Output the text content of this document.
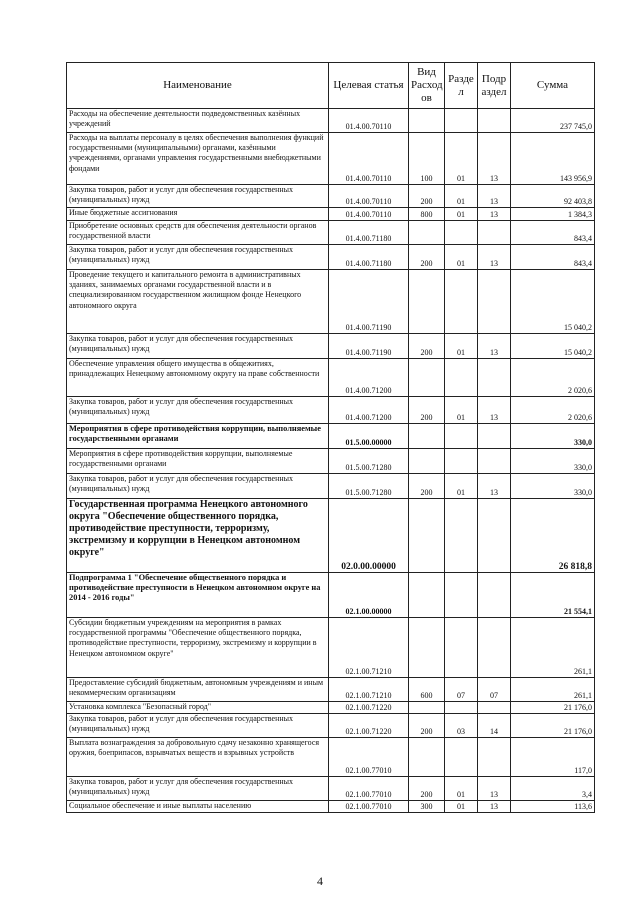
Наименование	Целевая статья	Вид Расход ов	Разде л	Подр аздел	Сумма
Расходы на обеспечение деятельности подведомственных казённых учреждений	01.4.00.70110				237 745,0
Расходы на выплаты персоналу в целях обеспечения выполнения функций государственными (муниципальными) органами, казёнными учреждениями, органами управления государственными внебюджетными фондами	01.4.00.70110	100	01	13	143 956,9
Закупка товаров, работ и услуг для обеспечения государственных (муниципальных) нужд	01.4.00.70110	200	01	13	92 403,8
Иные бюджетные ассигнования	01.4.00.70110	800	01	13	1 384,3
Приобретение основных средств для обеспечения деятельности органов государственной власти	01.4.00.71180				843,4
Закупка товаров, работ и услуг для обеспечения государственных (муниципальных) нужд	01.4.00.71180	200	01	13	843,4
Проведение текущего и капитального ремонта в административных зданиях, занимаемых органами государственной власти и в специализированном государственном жилищном фонде Ненецкого автономного округа	01.4.00.71190				15 040,2
Закупка товаров, работ и услуг для обеспечения государственных (муниципальных) нужд	01.4.00.71190	200	01	13	15 040,2
Обеспечение управления общего имущества в общежитиях, принадлежащих Ненецкому автономному округу на праве собственности	01.4.00.71200				2 020,6
Закупка товаров, работ и услуг для обеспечения государственных (муниципальных) нужд	01.4.00.71200	200	01	13	2 020,6
Мероприятия в сфере противодействия коррупции, выполняемые государственными органами	01.5.00.00000				330,0
Мероприятия в сфере противодействия коррупции, выполняемые государственными органами	01.5.00.71280				330,0
Закупка товаров, работ и услуг для обеспечения государственных (муниципальных) нужд	01.5.00.71280	200	01	13	330,0
Государственная программа Ненецкого автономного округа "Обеспечение общественного порядка, противодействие преступности, терроризму, экстремизму и коррупции в Ненецком автономном округе"	02.0.00.00000				26 818,8
Подпрограмма 1 "Обеспечение общественного порядка и противодействие преступности в Ненецком автономном округе на 2014 - 2016 годы"	02.1.00.00000				21 554,1
Субсидии бюджетным учреждениям на мероприятия в рамках государственной программы "Обеспечение общественного порядка, противодействие преступности, терроризму, экстремизму и коррупции в Ненецком автономном округе"	02.1.00.71210				261,1
Предоставление субсидий бюджетным, автономным учреждениям и иным некоммерческим организациям	02.1.00.71210	600	07	07	261,1
Установка комплекса "Безопасный город"	02.1.00.71220				21 176,0
Закупка товаров, работ и услуг для обеспечения государственных (муниципальных) нужд	02.1.00.71220	200	03	14	21 176,0
Выплата вознаграждения за добровольную сдачу незаконно хранящегося оружия, боеприпасов, взрывчатых веществ и взрывных устройств	02.1.00.77010				117,0
Закупка товаров, работ и услуг для обеспечения государственных (муниципальных) нужд	02.1.00.77010	200	01	13	3,4
Социальное обеспечение и иные выплаты населению	02.1.00.77010	300	01	13	113,6
4
